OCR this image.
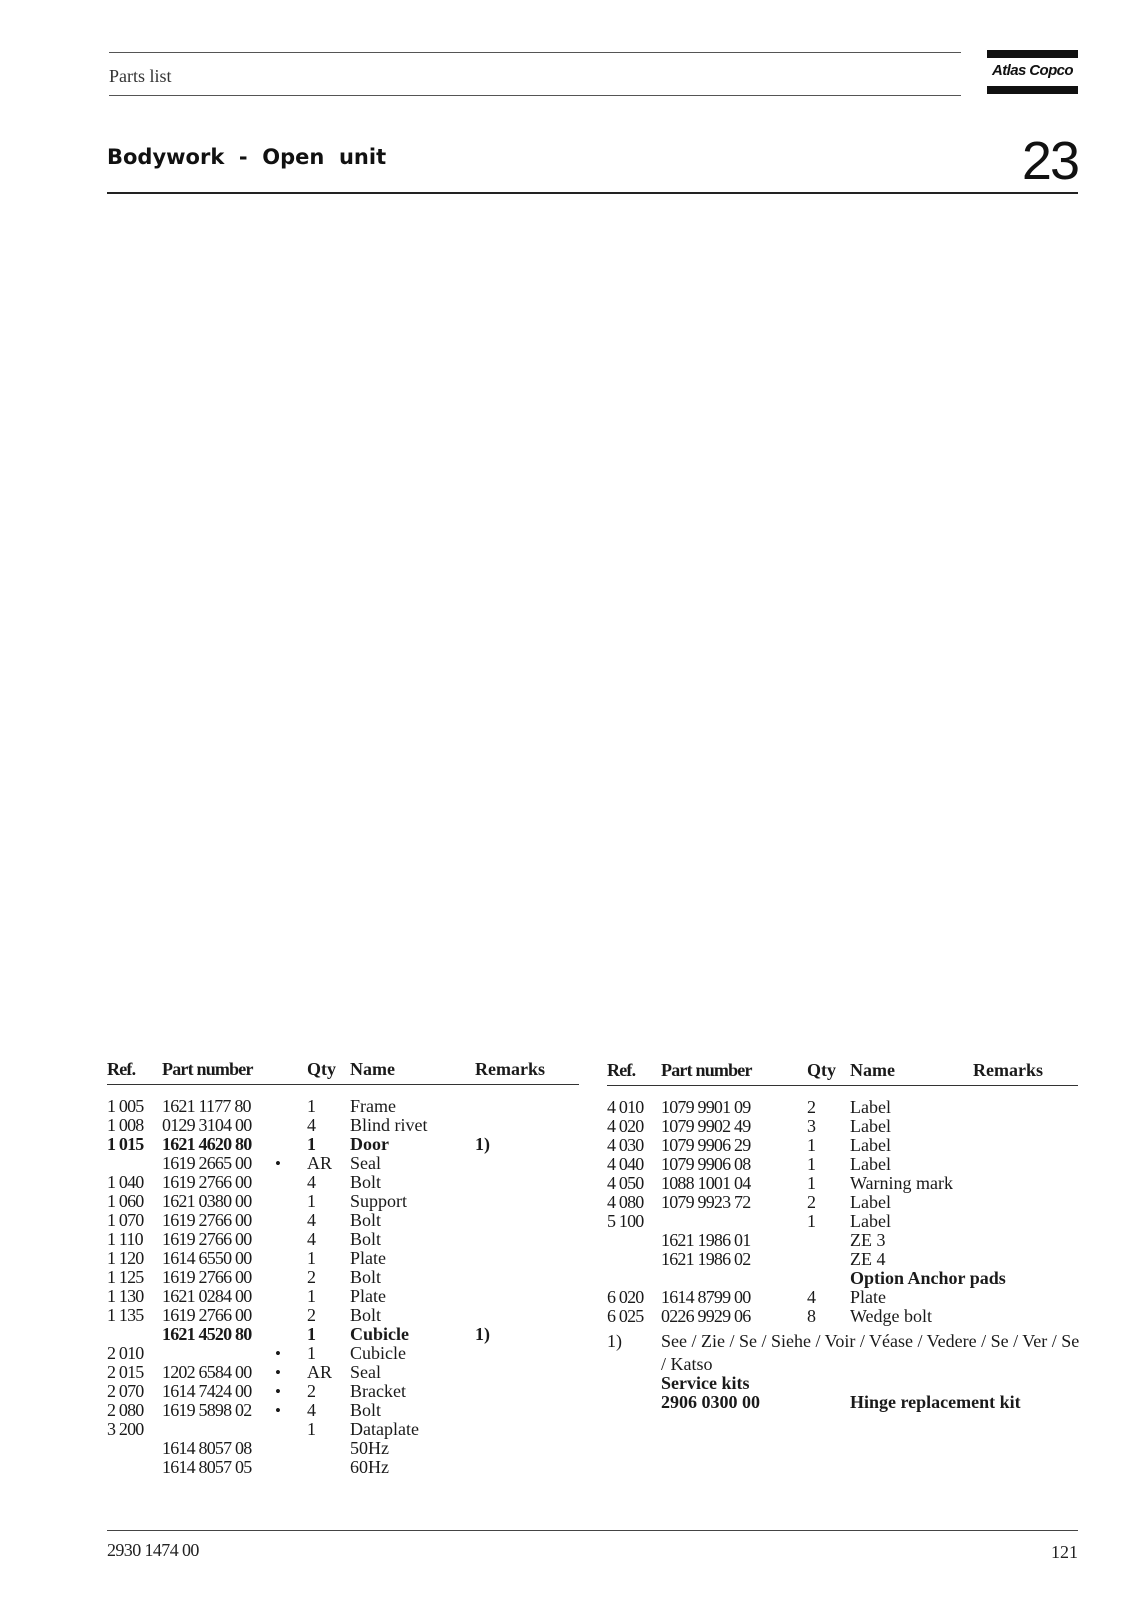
Parts list	Atlas Copco
Bodywork  -  Open  unit	23
Ref. Part number	Qty Name	Remarks
1 005 1621 1177 80	1 Frame
1 008 0129 3104 00	4 Blind rivet
1 015 1621 4620 80	1 Door	1)
1619 2665 00 • AR Seal
1 040 1619 2766 00	4 Bolt
1 060 1621 0380 00	1 Support
1 070 1619 2766 00	4 Bolt
1 110 1619 2766 00	4 Bolt
1 120 1614 6550 00	1 Plate
1 125 1619 2766 00	2 Bolt
1 130 1621 0284 00	1 Plate
1 135 1619 2766 00	2 Bolt
1621 4520 80	1 Cubicle	1)
2 010	• 1 Cubicle
2 015 1202 6584 00 • AR Seal
2 070 1614 7424 00 • 2 Bracket
2 080 1619 5898 02 • 4 Bolt
3 200	1 Dataplate
1614 8057 08	50Hz
1614 8057 05	60Hz
Ref. Part number	Qty Name	Remarks
4 010 1079 9901 09	2 Label
4 020 1079 9902 49	3 Label
4 030 1079 9906 29	1 Label
4 040 1079 9906 08	1 Label
4 050 1088 1001 04	1 Warning mark
4 080 1079 9923 72	2 Label
5 100	1 Label
1621 1986 01	ZE 3
1621 1986 02	ZE 4
Option Anchor pads
6 020 1614 8799 00	4 Plate
6 025 0226 9929 06	8 Wedge bolt
1) See / Zie / Se / Siehe / Voir / Véase / Vedere / Se / Ver / Se
/ Katso
Service kits
2906 0300 00	Hinge replacement kit
2930 1474 00	121
